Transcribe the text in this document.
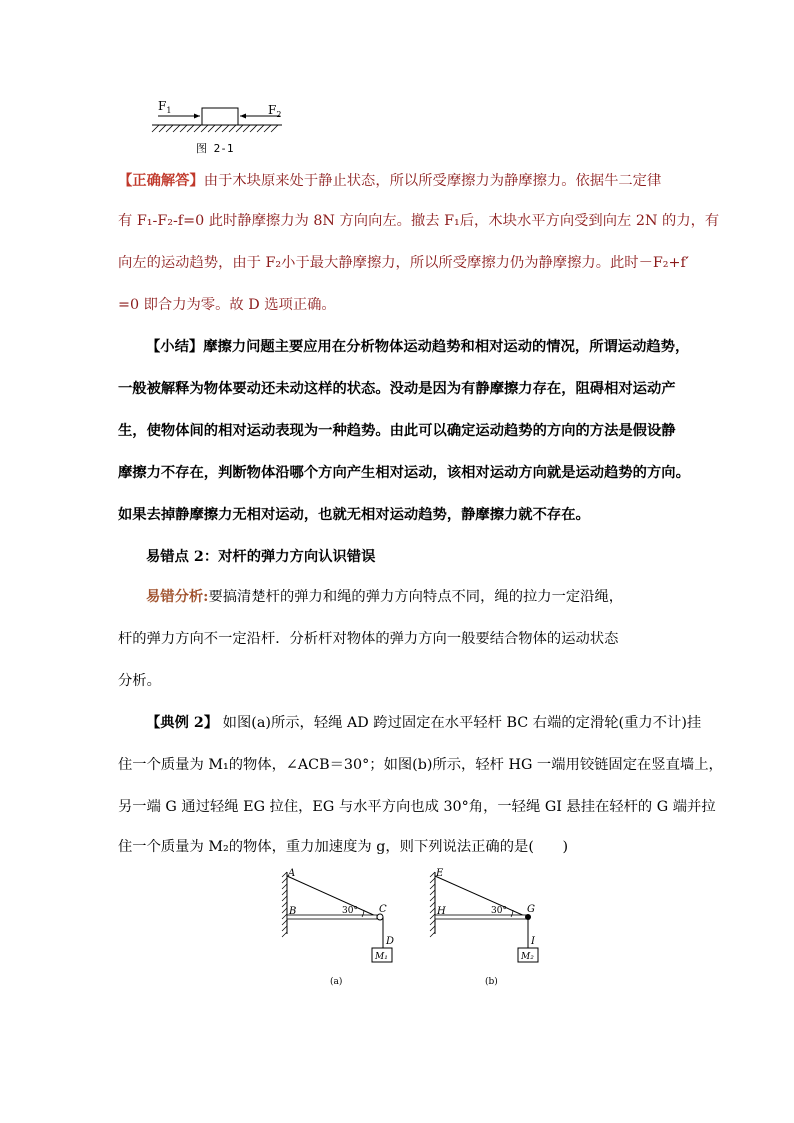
$F_1$	$F_2$
图 2-1
【正确解答】由于木块原来处于静止状态，所以所受摩擦力为静摩擦力。依据牛二定律
有 F₁-F₂-f=0 此时静摩擦力为 8N 方向向左。撤去 F₁后，木块水平方向受到向左 2N 的力，有
向左的运动趋势，由于 F₂小于最大静摩擦力，所以所受摩擦力仍为静摩擦力。此时－F₂+f′
=0 即合力为零。故 D 选项正确。
【小结】摩擦力问题主要应用在分析物体运动趋势和相对运动的情况，所谓运动趋势，
一般被解释为物体要动还未动这样的状态。没动是因为有静摩擦力存在，阻碍相对运动产
生，使物体间的相对运动表现为一种趋势。由此可以确定运动趋势的方向的方法是假设静
摩擦力不存在，判断物体沿哪个方向产生相对运动，该相对运动方向就是运动趋势的方向。
如果去掉静摩擦力无相对运动，也就无相对运动趋势，静摩擦力就不存在。
易错点 2：对杆的弹力方向认识错误
易错分析:要搞清楚杆的弹力和绳的弹力方向特点不同，绳的拉力一定沿绳，
杆的弹力方向不一定沿杆．分析杆对物体的弹力方向一般要结合物体的运动状态
分析。
【典例 2】 如图(a)所示，轻绳 AD 跨过固定在水平轻杆 BC 右端的定滑轮(重力不计)挂
住一个质量为 M₁的物体，∠ACB＝30°；如图(b)所示，轻杆 HG 一端用铰链固定在竖直墙上，
另一端 G 通过轻绳 EG 拉住，EG 与水平方向也成 30°角，一轻绳 GI 悬挂在轻杆的 G 端并拉
住一个质量为 M₂的物体，重力加速度为 g，则下列说法正确的是(　　)
A
B	30° C
D
M₁
(a)
E
H	30° G
I
M₂
(b)
